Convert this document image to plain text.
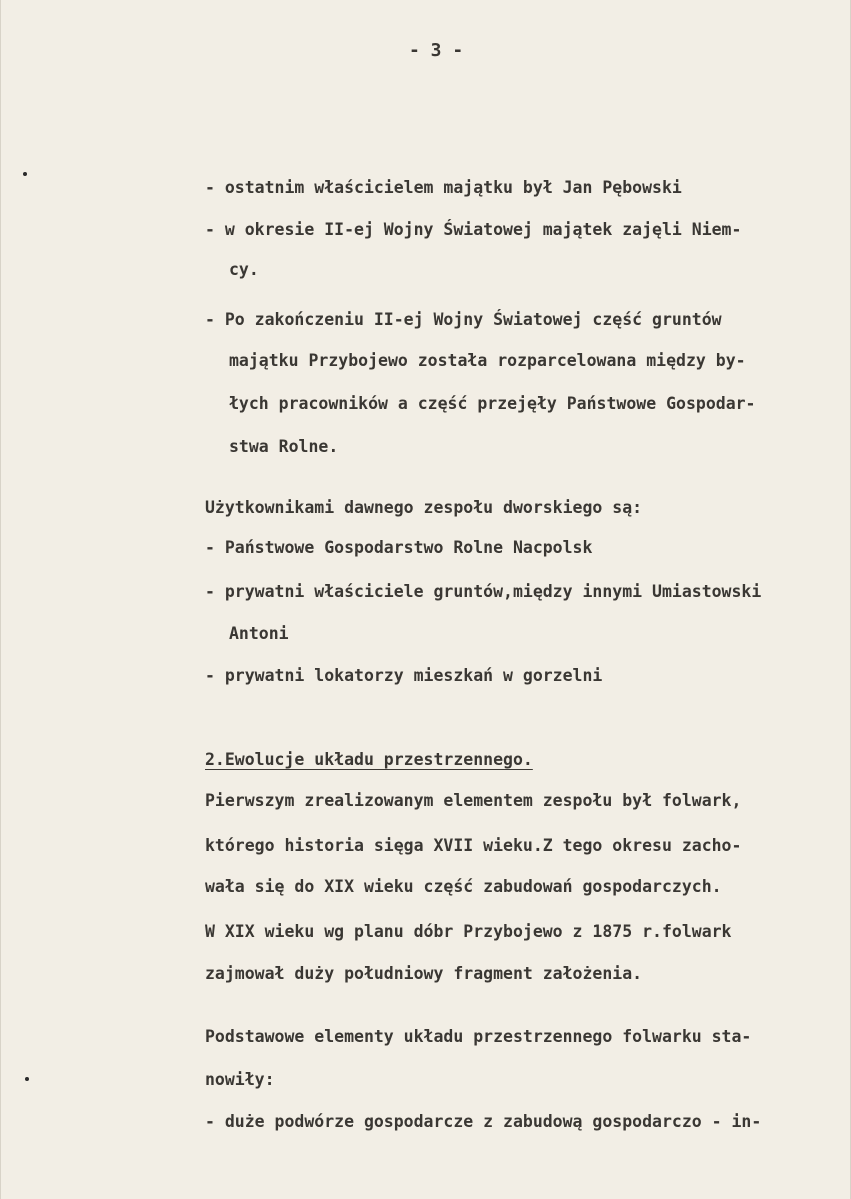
- 3 -
- ostatnim właścicielem majątku był Jan Pębowski
- w okresie II-ej Wojny Światowej majątek zajęli Niem-
cy.
- Po zakończeniu II-ej Wojny Światowej część gruntów
majątku Przybojewo została rozparcelowana między by-
łych pracowników a część przejęły Państwowe Gospodar-
stwa Rolne.
Użytkownikami dawnego zespołu dworskiego są:
- Państwowe Gospodarstwo Rolne Nacpolsk
- prywatni właściciele gruntów,między innymi Umiastowski
Antoni
- prywatni lokatorzy mieszkań w gorzelni
2.Ewolucje układu przestrzennego.
Pierwszym zrealizowanym elementem zespołu był folwark,
którego historia sięga XVII wieku.Z tego okresu zacho-
wała się do XIX wieku część zabudowań gospodarczych.
W XIX wieku wg planu dóbr Przybojewo z 1875 r.folwark
zajmował duży południowy fragment założenia.
Podstawowe elementy układu przestrzennego folwarku sta-
nowiły:
- duże podwórze gospodarcze z zabudową gospodarczo - in-
